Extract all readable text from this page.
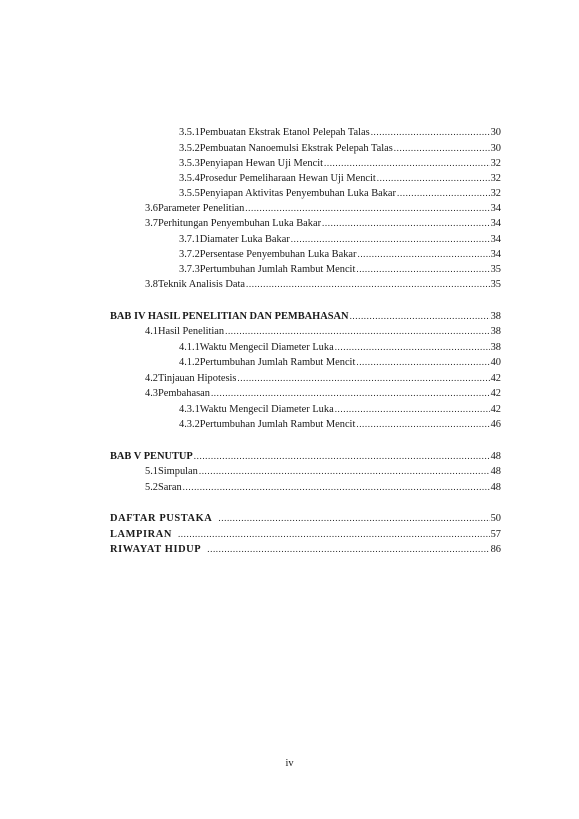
3.5.1 Pembuatan Ekstrak Etanol Pelepah Talas .....	30
3.5.2 Pembuatan Nanoemulsi Ekstrak Pelepah Talas .....	30
3.5.3 Penyiapan Hewan Uji Mencit .....	32
3.5.4 Prosedur Pemeliharaan Hewan Uji Mencit .....	32
3.5.5 Penyiapan Aktivitas Penyembuhan Luka Bakar .....	32
3.6 Parameter Penelitian .....	34
3.7 Perhitungan Penyembuhan Luka Bakar .....	34
3.7.1 Diamater Luka Bakar .....	34
3.7.2 Persentase Penyembuhan Luka Bakar .....	34
3.7.3 Pertumbuhan Jumlah Rambut Mencit .....	35
3.8 Teknik Analisis Data .....	35
BAB IV HASIL PENELITIAN DAN PEMBAHASAN .....	38
4.1 Hasil Penelitian .....	38
4.1.1 Waktu Mengecil Diameter Luka .....	38
4.1.2 Pertumbuhan Jumlah Rambut Mencit .....	40
4.2 Tinjauan Hipotesis .....	42
4.3 Pembahasan .....	42
4.3.1 Waktu Mengecil Diameter Luka .....	42
4.3.2 Pertumbuhan Jumlah Rambut Mencit .....	46
BAB V PENUTUP .....	48
5.1 Simpulan .....	48
5.2 Saran .....	48
DAFTAR PUSTAKA .....	50
LAMPIRAN .....	57
RIWAYAT HIDUP .....	86
iv
